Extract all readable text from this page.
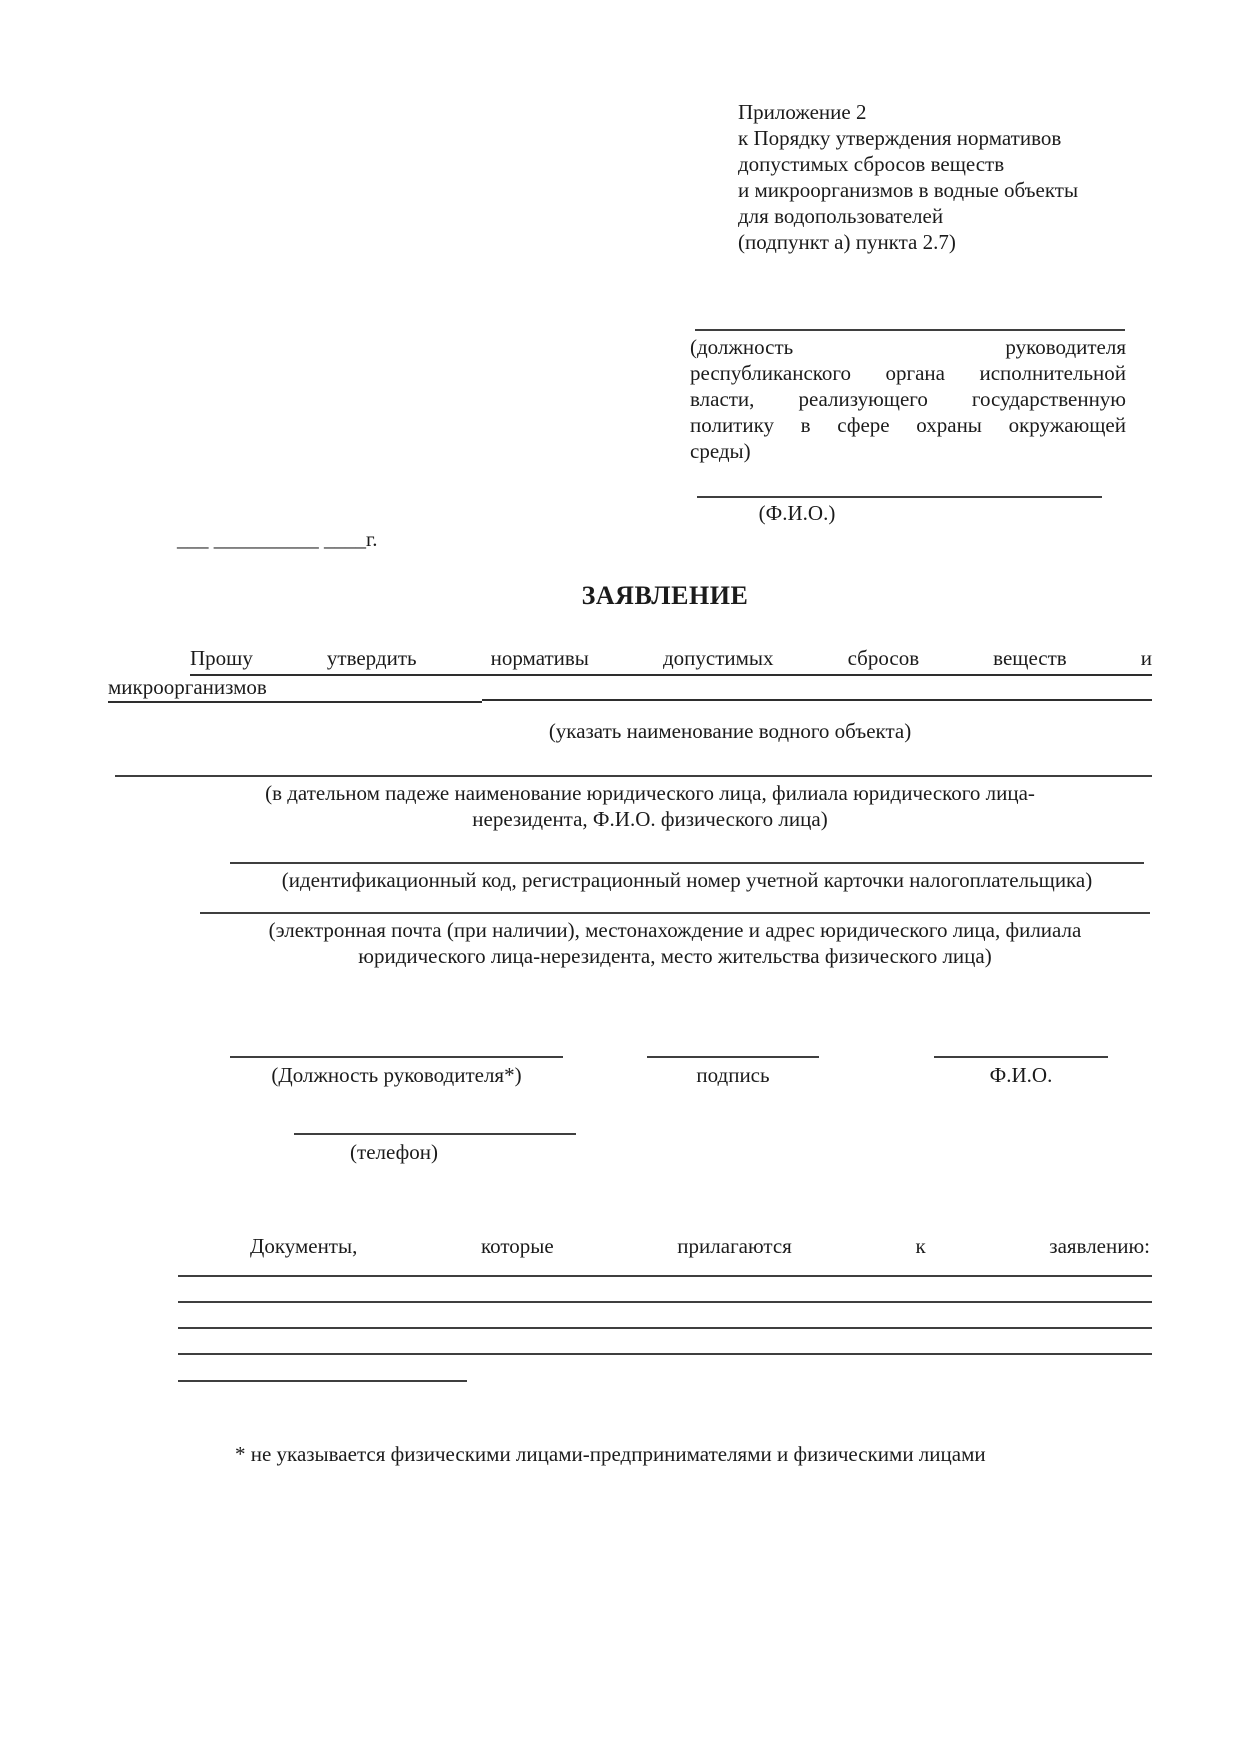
Приложение 2
к Порядку утверждения нормативов
допустимых сбросов веществ
и микроорганизмов в водные объекты
для водопользователей
(подпункт а) пункта 2.7)
(должность руководителя
республиканского органа исполнительной
власти, реализующего государственную
политику в сфере охраны окружающей
среды)
(Ф.И.О.)
___ __________ ____г.
ЗАЯВЛЕНИЕ
Прошу утвердить нормативы допустимых сбросов веществ и
микроорганизмов
(указать наименование водного объекта)
(в дательном падеже наименование юридического лица, филиала юридического лица-
нерезидента, Ф.И.О. физического лица)
(идентификационный код, регистрационный номер учетной карточки налогоплательщика)
(электронная почта (при наличии), местонахождение и адрес юридического лица, филиала
юридического лица-нерезидента, место жительства физического лица)
(Должность руководителя*)	подпись	Ф.И.О.
(телефон)
Документы, которые прилагаются к заявлению:
* не указывается физическими лицами-предпринимателями и физическими лицами
